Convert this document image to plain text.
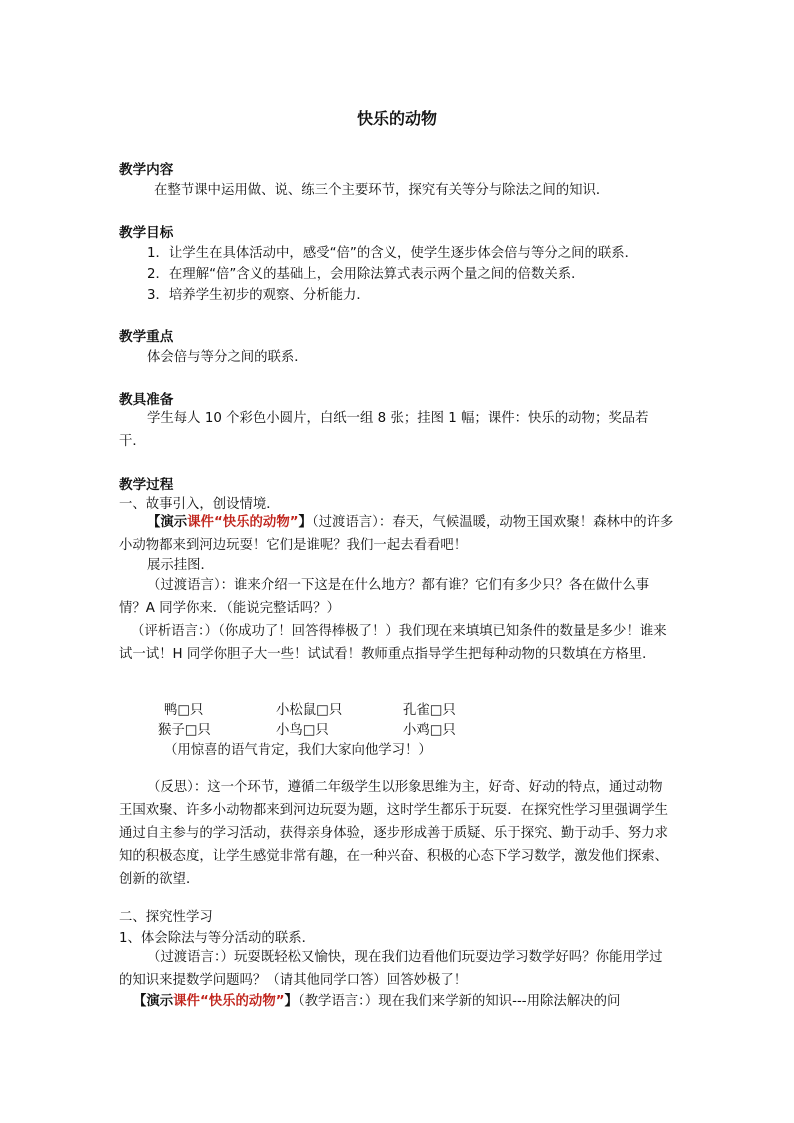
快乐的动物
教学内容
在整节课中运用做、说、练三个主要环节，探究有关等分与除法之间的知识．
教学目标
1．让学生在具体活动中，感受“倍”的含义，使学生逐步体会倍与等分之间的联系．
2．在理解“倍”含义的基础上，会用除法算式表示两个量之间的倍数关系．
3．培养学生初步的观察、分析能力．
教学重点
体会倍与等分之间的联系．
教具准备
学生每人 10 个彩色小圆片，白纸一组 8 张；挂图 1 幅；课件：快乐的动物；奖品若干．
教学过程
一、故事引入，创设情境．
【演示课件“快乐的动物”】（过渡语言）：春天，气候温暖，动物王国欢聚！森林中的许多小动物都来到河边玩耍！它们是谁呢？我们一起去看看吧！
展示挂图．
（过渡语言）：谁来介绍一下这是在什么地方？都有谁？它们有多少只？各在做什么事情？A 同学你来．（能说完整话吗？）
（评析语言：）（你成功了！回答得棒极了！）我们现在来填填已知条件的数量是多少！谁来试一试！H 同学你胆子大一些！试试看！教师重点指导学生把每种动物的只数填在方格里．
鸭□只	小松鼠□只	孔雀□只
猴子□只	小鸟□只	小鸡□只
（用惊喜的语气肯定，我们大家向他学习！）
（反思）：这一个环节，遵循二年级学生以形象思维为主，好奇、好动的特点，通过动物王国欢聚、许多小动物都来到河边玩耍为题，这时学生都乐于玩耍．在探究性学习里强调学生通过自主参与的学习活动，获得亲身体验，逐步形成善于质疑、乐于探究、勤于动手、努力求知的积极态度，让学生感觉非常有趣，在一种兴奋、积极的心态下学习数学，激发他们探索、创新的欲望．
二、探究性学习
1、体会除法与等分活动的联系．
（过渡语言：）玩耍既轻松又愉快，现在我们边看他们玩耍边学习数学好吗？你能用学过的知识来提数学问题吗？（请其他同学口答）回答妙极了！
【演示课件“快乐的动物”】（教学语言：）现在我们来学新的知识---用除法解决的问
